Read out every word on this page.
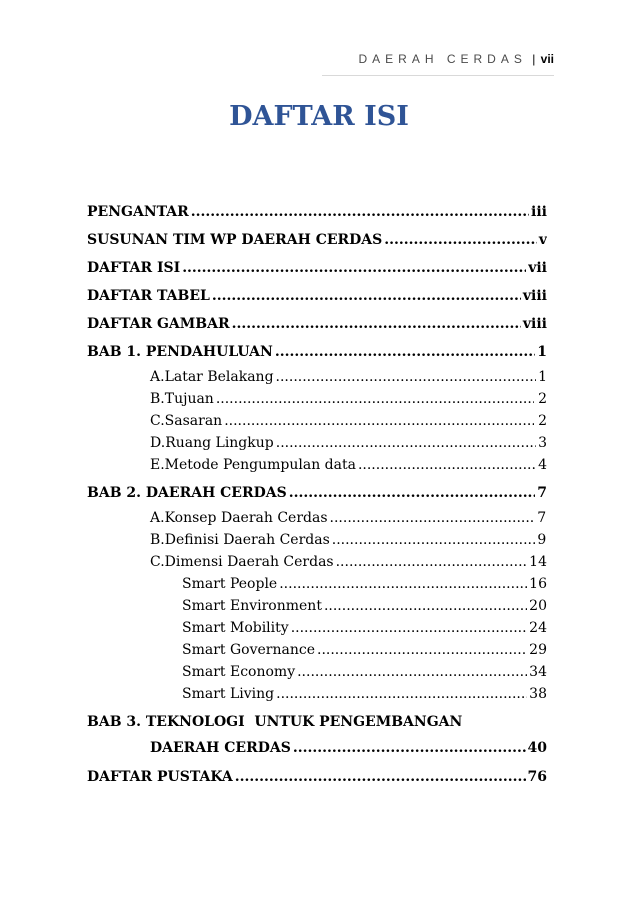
DAERAH CERDAS | vii
DAFTAR ISI
PENGANTAR .....	iii
SUSUNAN TIM WP DAERAH CERDAS .....	v
DAFTAR ISI .....	vii
DAFTAR TABEL .....	viii
DAFTAR GAMBAR .....	viii
BAB 1. PENDAHULUAN .....	1
A. Latar Belakang .....	1
B. Tujuan .....	2
C. Sasaran .....	2
D. Ruang Lingkup .....	3
E. Metode Pengumpulan data .....	4
BAB 2. DAERAH CERDAS .....	7
A. Konsep Daerah Cerdas .....	7
B. Definisi Daerah Cerdas .....	9
C. Dimensi Daerah Cerdas .....	14
Smart People .....	16
Smart Environment .....	20
Smart Mobility .....	24
Smart Governance .....	29
Smart Economy .....	34
Smart Living .....	38
BAB 3. TEKNOLOGI  UNTUK PENGEMBANGAN
DAERAH CERDAS .....	40
DAFTAR PUSTAKA .....	76
